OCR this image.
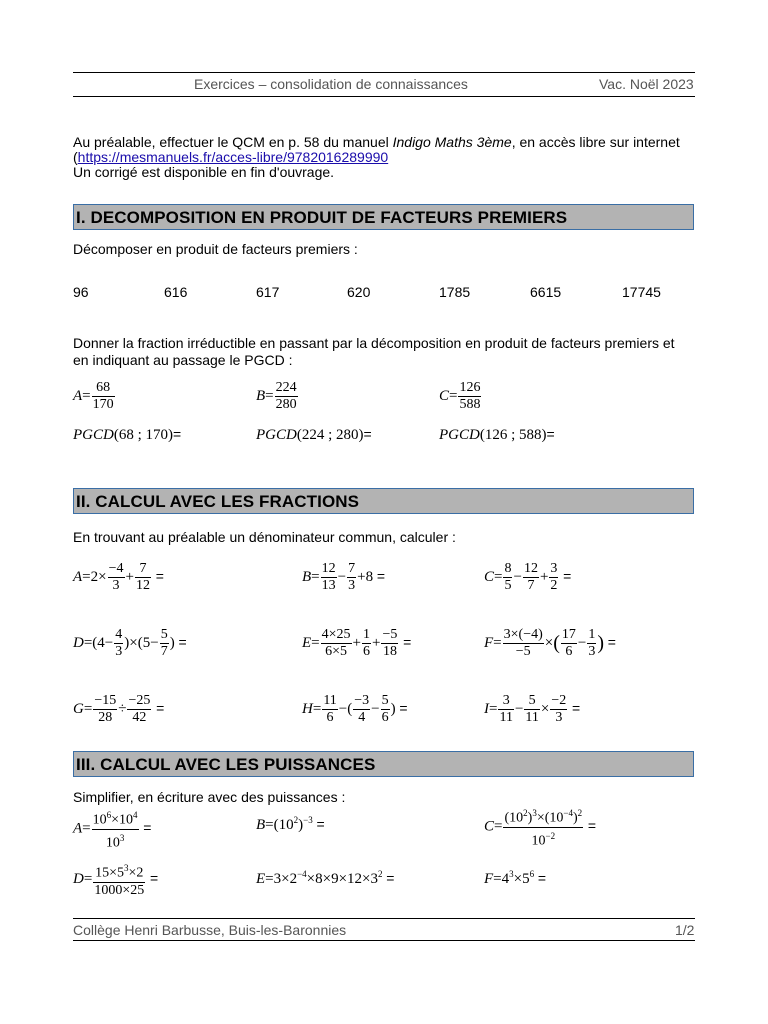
Exercices – consolidation de connaissances	Vac. Noël 2023
Au préalable, effectuer le QCM en p. 58 du manuel Indigo Maths 3ème, en accès libre sur internet
(https://mesmanuels.fr/acces-libre/9782016289990
Un corrigé est disponible en fin d'ouvrage.
I. DECOMPOSITION EN PRODUIT DE FACTEURS PREMIERS
Décomposer en produit de facteurs premiers :
96	616	617	620	1785	6615	17745
Donner la fraction irréductible en passant par la décomposition en produit de facteurs premiers et
en indiquant au passage le PGCD :
$A= \frac{68}{170}$	$B= \frac{224}{280}$	$C= \frac{126}{588}$
PGCD(68 ; 170)=	PGCD(224 ; 280)=	PGCD(126 ; 588)=
II. CALCUL AVEC LES FRACTIONS
En trouvant au préalable un dénominateur commun, calculer :
$A=2\times \frac{-4}{3} + \frac{7}{12}$ =	$B= \frac{12}{13} - \frac{7}{3} +8$ =	$C= \frac{8}{5} - \frac{12}{7} + \frac{3}{2}$ =
$D=(4- \frac{4}{3} )\times(5- \frac{5}{7}$ ) =	$E= \frac{4\times 25}{6\times 5} + \frac{1}{6} + \frac{-5}{18}$ =	$F= \frac{3\times(-4)}{-5}$ ×( $\frac{17}{6} - \frac{1}{3}$ ) =
$G= \frac{-15}{28} \div \frac{-25}{42}$ =	$H= \frac{11}{6}$ −( $\frac{-3}{4} - \frac{5}{6}$ ) =	$I= \frac{3}{11} - \frac{5}{11} \times \frac{-2}{3}$ =
III. CALCUL AVEC LES PUISSANCES
Simplifier, en écriture avec des puissances :
$A= \frac{10^6\times 10^4}{10^3}$ =	$B=(10^2)^{-3}$ =	$C= \frac{(10^2)^3\times(10^{-4})^2}{10^{-2}}$ =
$D= \frac{15\times 5^3\times 2}{1000\times 25}$ =	$E=3\times 2^{-4}\times 8\times 9\times 12\times 3^2$ =	$F=4^3\times 5^6$ =
Collège Henri Barbusse, Buis-les-Baronnies	1/2
